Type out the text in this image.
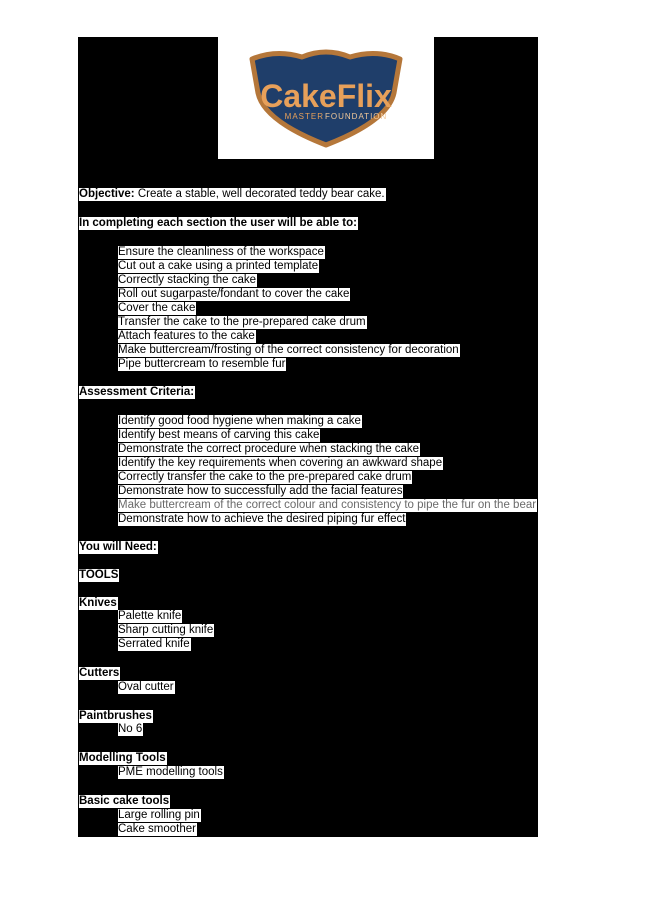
CakeFlix
MASTER FOUNDATION
Objective: Create a stable, well decorated teddy bear cake.
In completing each section the user will be able to:
Ensure the cleanliness of the workspace
Cut out a cake using a printed template
Correctly stacking the cake
Roll out sugarpaste/fondant to cover the cake
Cover the cake
Transfer the cake to the pre-prepared cake drum
Attach features to the cake
Make buttercream/frosting of the correct consistency for decoration
Pipe buttercream to resemble fur
Assessment Criteria:
Identify good food hygiene when making a cake
Identify best means of carving this cake
Demonstrate the correct procedure when stacking the cake
Identify the key requirements when covering an awkward shape
Correctly transfer the cake to the pre-prepared cake drum
Demonstrate how to successfully add the facial features
Make buttercream of the correct colour and consistency to pipe the fur on the bear
Demonstrate how to achieve the desired piping fur effect
You will Need:
TOOLS
Knives
Palette knife
Sharp cutting knife
Serrated knife
Cutters
Oval cutter
Paintbrushes
No 6
Modelling Tools
PME modelling tools
Basic cake tools
Large rolling pin
Cake smoother
